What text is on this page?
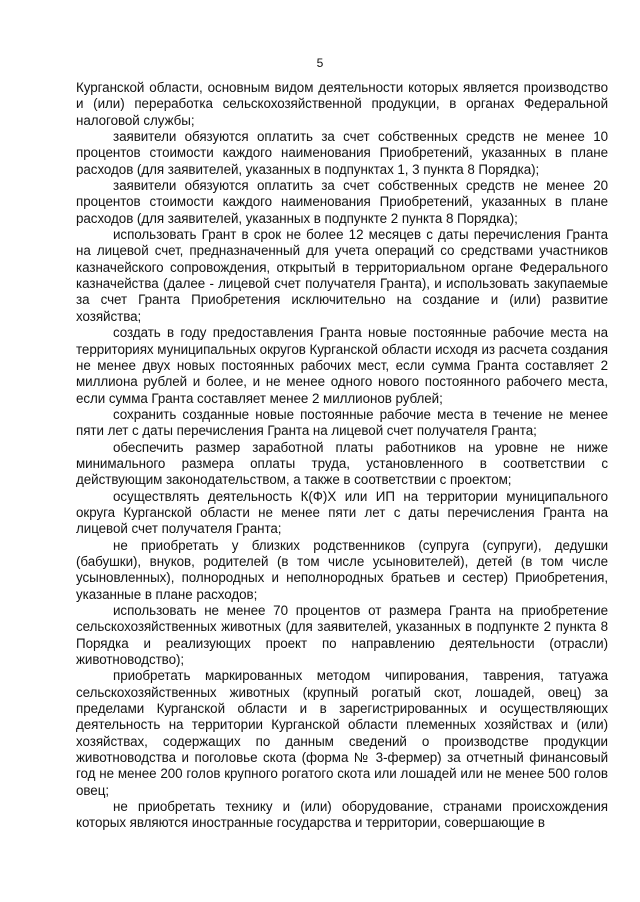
5

Курганской области, основным видом деятельности которых является производство и (или) переработка сельскохозяйственной продукции, в органах Федеральной налоговой службы;

заявители обязуются оплатить за счет собственных средств не менее 10 процентов стоимости каждого наименования Приобретений, указанных в плане расходов (для заявителей, указанных в подпунктах 1, 3 пункта 8 Порядка);

заявители обязуются оплатить за счет собственных средств не менее 20 процентов стоимости каждого наименования Приобретений, указанных в плане расходов (для заявителей, указанных в подпункте 2 пункта 8 Порядка);

использовать Грант в срок не более 12 месяцев с даты перечисления Гранта на лицевой счет, предназначенный для учета операций со средствами участников казначейского сопровождения, открытый в территориальном органе Федерального казначейства (далее - лицевой счет получателя Гранта), и использовать закупаемые за счет Гранта Приобретения исключительно на создание и (или) развитие хозяйства;

создать в году предоставления Гранта новые постоянные рабочие места на территориях муниципальных округов Курганской области исходя из расчета создания не менее двух новых постоянных рабочих мест, если сумма Гранта составляет 2 миллиона рублей и более, и не менее одного нового постоянного рабочего места, если сумма Гранта составляет менее 2 миллионов рублей;

сохранить созданные новые постоянные рабочие места в течение не менее пяти лет с даты перечисления Гранта на лицевой счет получателя Гранта;

обеспечить размер заработной платы работников на уровне не ниже минимального размера оплаты труда, установленного в соответствии с действующим законодательством, а также в соответствии с проектом;

осуществлять деятельность К(Ф)Х или ИП на территории муниципального округа Курганской области не менее пяти лет с даты перечисления Гранта на лицевой счет получателя Гранта;

не приобретать у близких родственников (супруга (супруги), дедушки (бабушки), внуков, родителей (в том числе усыновителей), детей (в том числе усыновленных), полнородных и неполнородных братьев и сестер) Приобретения, указанные в плане расходов;

использовать не менее 70 процентов от размера Гранта на приобретение сельскохозяйственных животных (для заявителей, указанных в подпункте 2 пункта 8 Порядка и реализующих проект по направлению деятельности (отрасли) животноводство);

приобретать маркированных методом чипирования, таврения, татуажа сельскохозяйственных животных (крупный рогатый скот, лошадей, овец) за пределами Курганской области и в зарегистрированных и осуществляющих деятельность на территории Курганской области племенных хозяйствах и (или) хозяйствах, содержащих по данным сведений о производстве продукции животноводства и поголовье скота (форма № 3-фермер) за отчетный финансовый год не менее 200 голов крупного рогатого скота или лошадей или не менее 500 голов овец;

не приобретать технику и (или) оборудование, странами происхождения которых являются иностранные государства и территории, совершающие в
